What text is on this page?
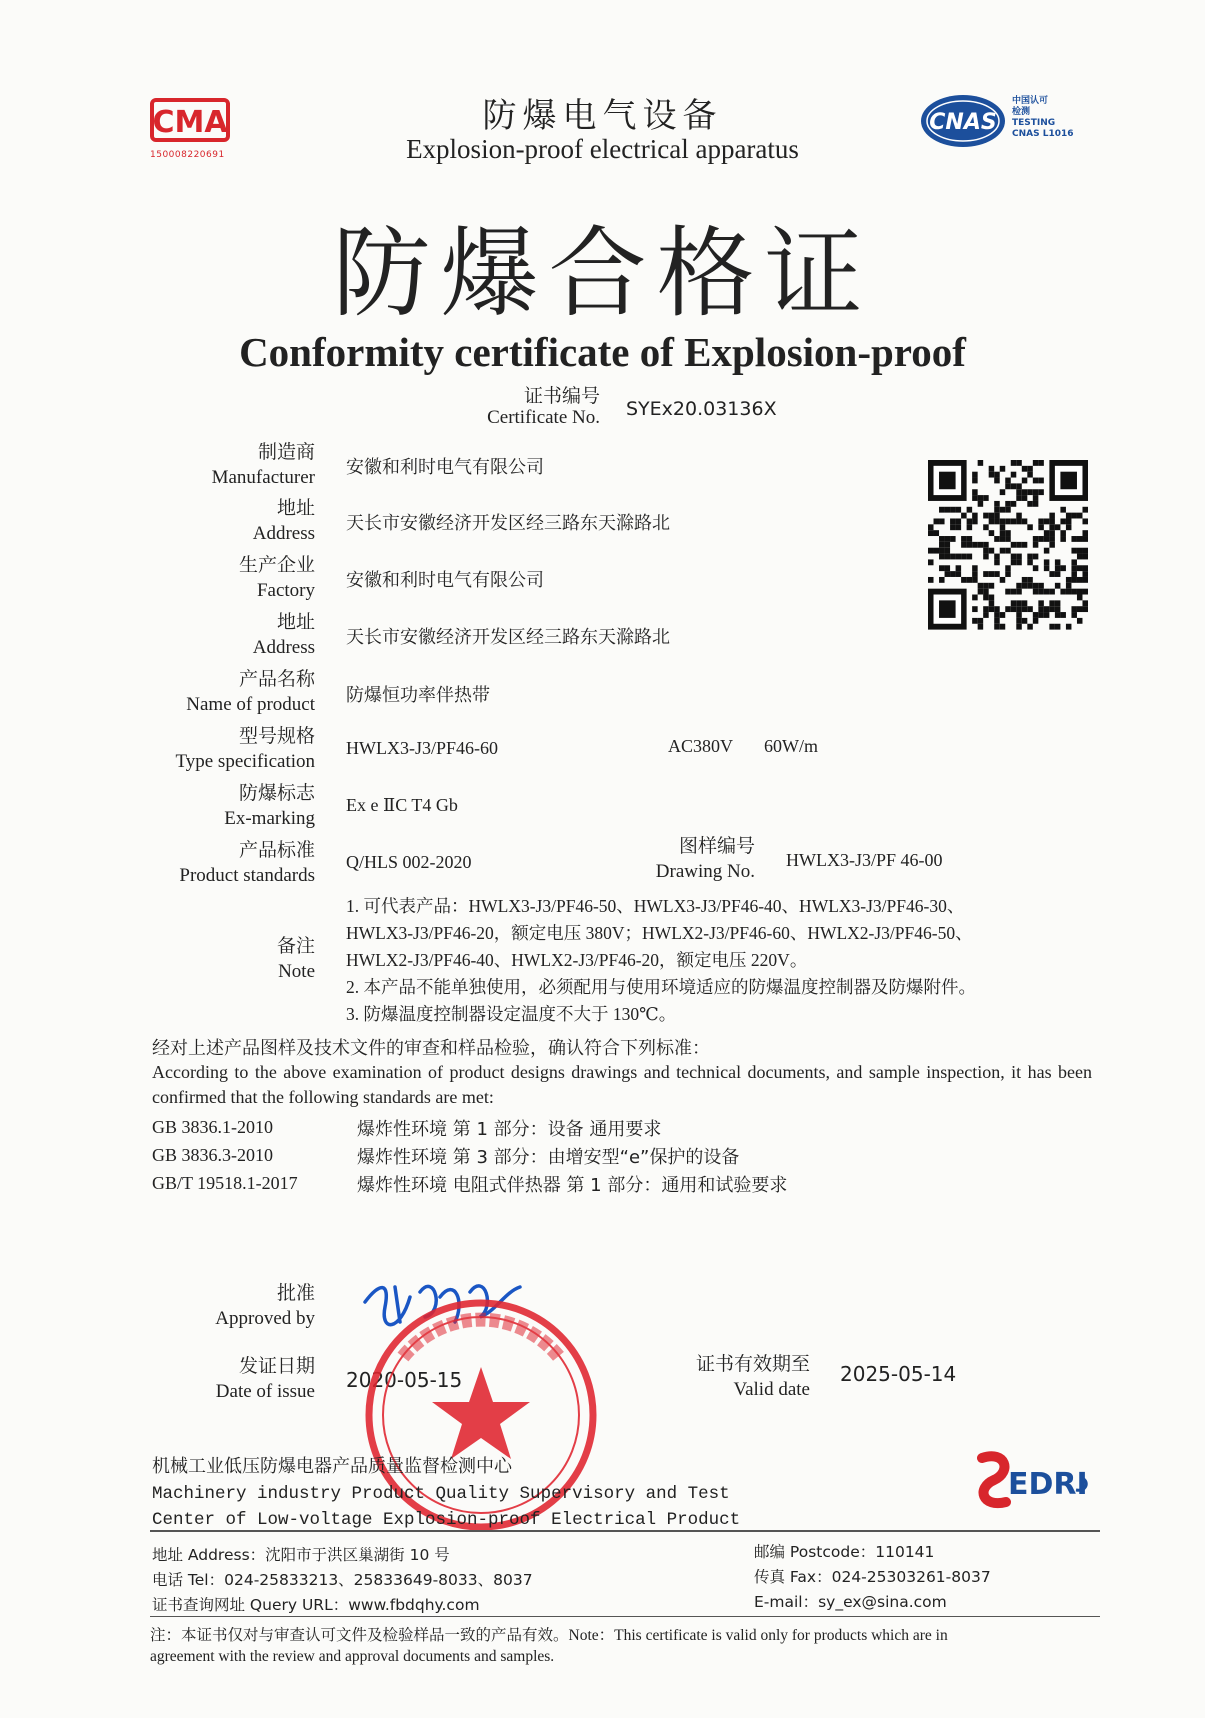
CMA
150008220691
CNAS
中国认可
检测
TESTING
CNAS L1016
防爆电气设备
Explosion-proof electrical apparatus
防爆合格证
Conformity certificate of Explosion-proof
证书编号
Certificate No. SYEx20.03136X
制造商
Manufacturer 安徽和利时电气有限公司
地址
Address 天长市安徽经济开发区经三路东天滁路北
生产企业
Factory 安徽和利时电气有限公司
地址
Address 天长市安徽经济开发区经三路东天滁路北
产品名称
Name of product 防爆恒功率伴热带
型号规格
Type specification
HWLX3-J3/PF46-60	AC380V 60W/m
防爆标志
Ex-marking
Ex e ⅡC T4 Gb
产品标准
Product standards
Q/HLS 002-2020
图样编号
Drawing No.
HWLX3-J3/PF 46-00
备注
Note
1. 可代表产品：HWLX3-J3/PF46-50、HWLX3-J3/PF46-40、HWLX3-J3/PF46-30、
HWLX3-J3/PF46-20，额定电压 380V；HWLX2-J3/PF46-60、HWLX2-J3/PF46-50、
HWLX2-J3/PF46-40、HWLX2-J3/PF46-20，额定电压 220V。
2. 本产品不能单独使用，必须配用与使用环境适应的防爆温度控制器及防爆附件。
3. 防爆温度控制器设定温度不大于 130℃。
经对上述产品图样及技术文件的审查和样品检验，确认符合下列标准：
According to the above examination of product designs drawings and technical documents, and sample inspection, it has been confirmed that the following standards are met:
GB 3836.1-2010	爆炸性环境 第 1 部分：设备 通用要求
GB 3836.3-2010	爆炸性环境 第 3 部分：由增安型“e”保护的设备
GB/T 19518.1-2017	爆炸性环境 电阻式伴热器 第 1 部分：通用和试验要求
批准
Approved by
发证日期
Date of issue 2020-05-15
证书有效期至
Valid date
2025-05-14
机械工业低压防爆电器产品质量监督检测中心
Machinery industry Product Quality Supervisory and Test
Center of Low-voltage Explosion-proof Electrical Product
EDRI
地址 Address：沈阳市于洪区巢湖街 10 号
电话 Tel：024-25833213、25833649-8033、8037
证书查询网址 Query URL：www.fbdqhy.com
邮编 Postcode：110141
传真 Fax：024-25303261-8037
E-mail：sy_ex@sina.com
注：本证书仅对与审查认可文件及检验样品一致的产品有效。Note：This certificate is valid only for products which are in
agreement with the review and approval documents and samples.
